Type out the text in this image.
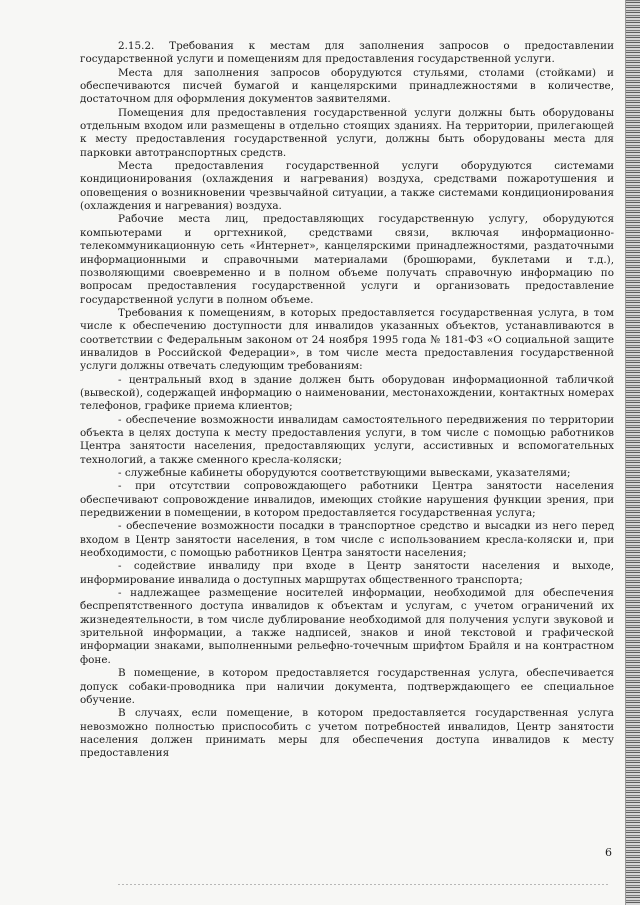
2.15.2. Требования к местам для заполнения запросов о предоставлении государственной услуги и помещениям для предоставления государственной услуги.

Места для заполнения запросов оборудуются стульями, столами (стойками) и обеспечиваются писчей бумагой и канцелярскими принадлежностями в количестве, достаточном для оформления документов заявителями.

Помещения для предоставления государственной услуги должны быть оборудованы отдельным входом или размещены в отдельно стоящих зданиях. На территории, прилегающей к месту предоставления государственной услуги, должны быть оборудованы места для парковки автотранспортных средств.

Места предоставления государственной услуги оборудуются системами кондиционирования (охлаждения и нагревания) воздуха, средствами пожаротушения и оповещения о возникновении чрезвычайной ситуации, а также системами кондиционирования (охлаждения и нагревания) воздуха.

Рабочие места лиц, предоставляющих государственную услугу, оборудуются компьютерами и оргтехникой, средствами связи, включая информационно-телекоммуникационную сеть «Интернет», канцелярскими принадлежностями, раздаточными информационными и справочными материалами (брошюрами, буклетами и т.д.), позволяющими своевременно и в полном объеме получать справочную информацию по вопросам предоставления государственной услуги и организовать предоставление государственной услуги в полном объеме.

Требования к помещениям, в которых предоставляется государственная услуга, в том числе к обеспечению доступности для инвалидов указанных объектов, устанавливаются в соответствии с Федеральным законом от 24 ноября 1995 года № 181-ФЗ «О социальной защите инвалидов в Российской Федерации», в том числе места предоставления государственной услуги должны отвечать следующим требованиям:

- центральный вход в здание должен быть оборудован информационной табличкой (вывеской), содержащей информацию о наименовании, местонахождении, контактных номерах телефонов, графике приема клиентов;

- обеспечение возможности инвалидам самостоятельного передвижения по территории объекта в целях доступа к месту предоставления услуги, в том числе с помощью работников Центра занятости населения, предоставляющих услуги, ассистивных и вспомогательных технологий, а также сменного кресла-коляски;

- служебные кабинеты оборудуются соответствующими вывесками, указателями;

- при отсутствии сопровождающего работники Центра занятости населения обеспечивают сопровождение инвалидов, имеющих стойкие нарушения функции зрения, при передвижении в помещении, в котором предоставляется государственная услуга;

- обеспечение возможности посадки в транспортное средство и высадки из него перед входом в Центр занятости населения, в том числе с использованием кресла-коляски и, при необходимости, с помощью работников Центра занятости населения;

- содействие инвалиду при входе в Центр занятости населения и выходе, информирование инвалида о доступных маршрутах общественного транспорта;

- надлежащее размещение носителей информации, необходимой для обеспечения беспрепятственного доступа инвалидов к объектам и услугам, с учетом ограничений их жизнедеятельности, в том числе дублирование необходимой для получения услуги звуковой и зрительной информации, а также надписей, знаков и иной текстовой и графической информации знаками, выполненными рельефно-точечным шрифтом Брайля и на контрастном фоне.

В помещение, в котором предоставляется государственная услуга, обеспечивается допуск собаки-проводника при наличии документа, подтверждающего ее специальное обучение.

В случаях, если помещение, в котором предоставляется государственная услуга невозможно полностью приспособить с учетом потребностей инвалидов, Центр занятости населения должен принимать меры для обеспечения доступа инвалидов к месту предоставления

6
